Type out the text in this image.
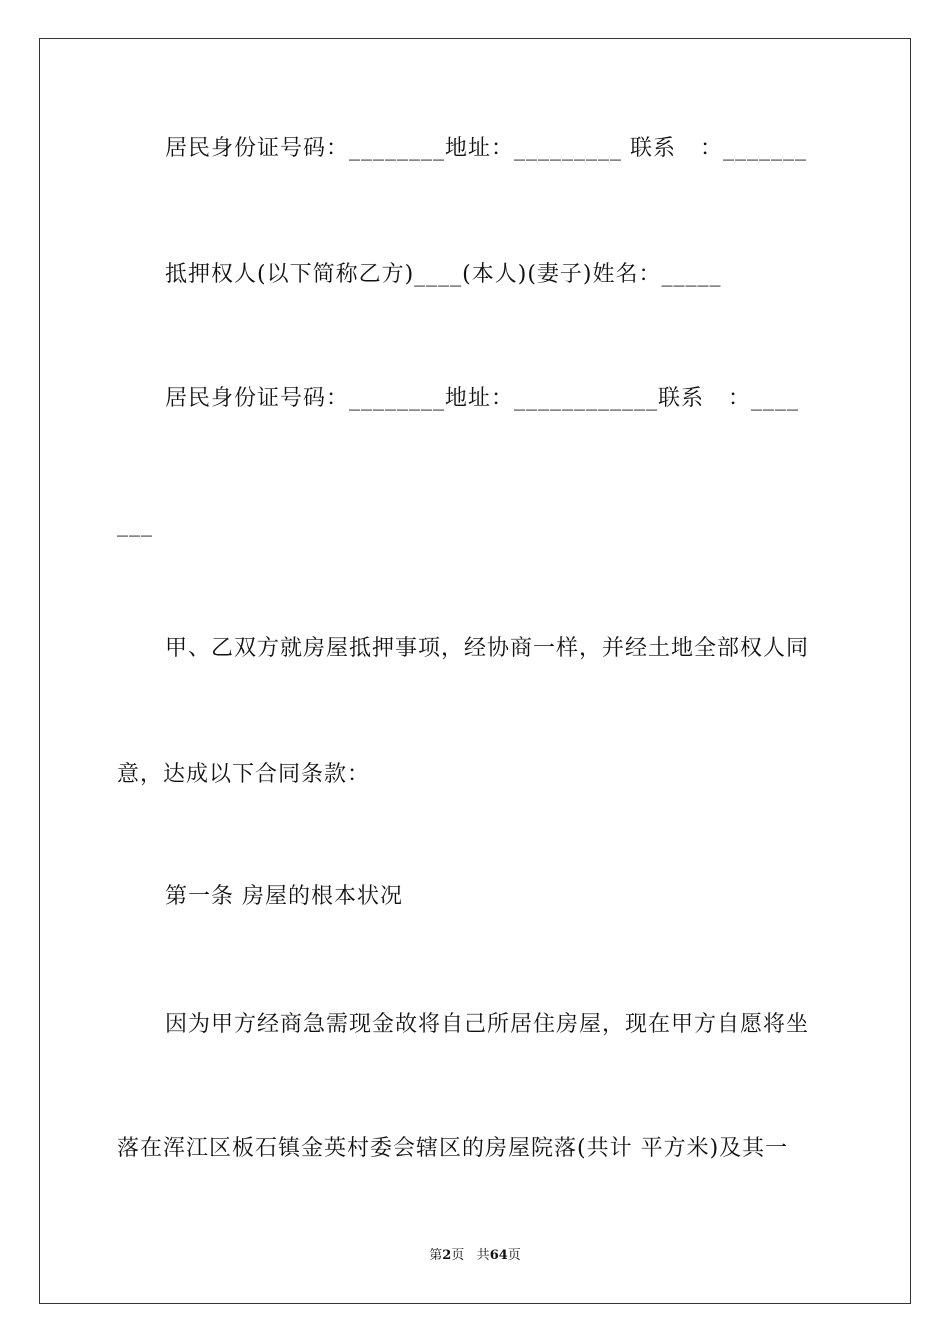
居民身份证号码：________地址：_________ 联系   ：_______
抵押权人(以下简称乙方)____(本人)(妻子)姓名：_____
居民身份证号码：________地址：____________联系   ：____
___
甲、乙双方就房屋抵押事项，经协商一样，并经土地全部权人同
意，达成以下合同条款：
第一条 房屋的根本状况
因为甲方经商急需现金故将自己所居住房屋，现在甲方自愿将坐
落在浑江区板石镇金英村委会辖区的房屋院落(共计 平方米)及其一
第2页 共64页
